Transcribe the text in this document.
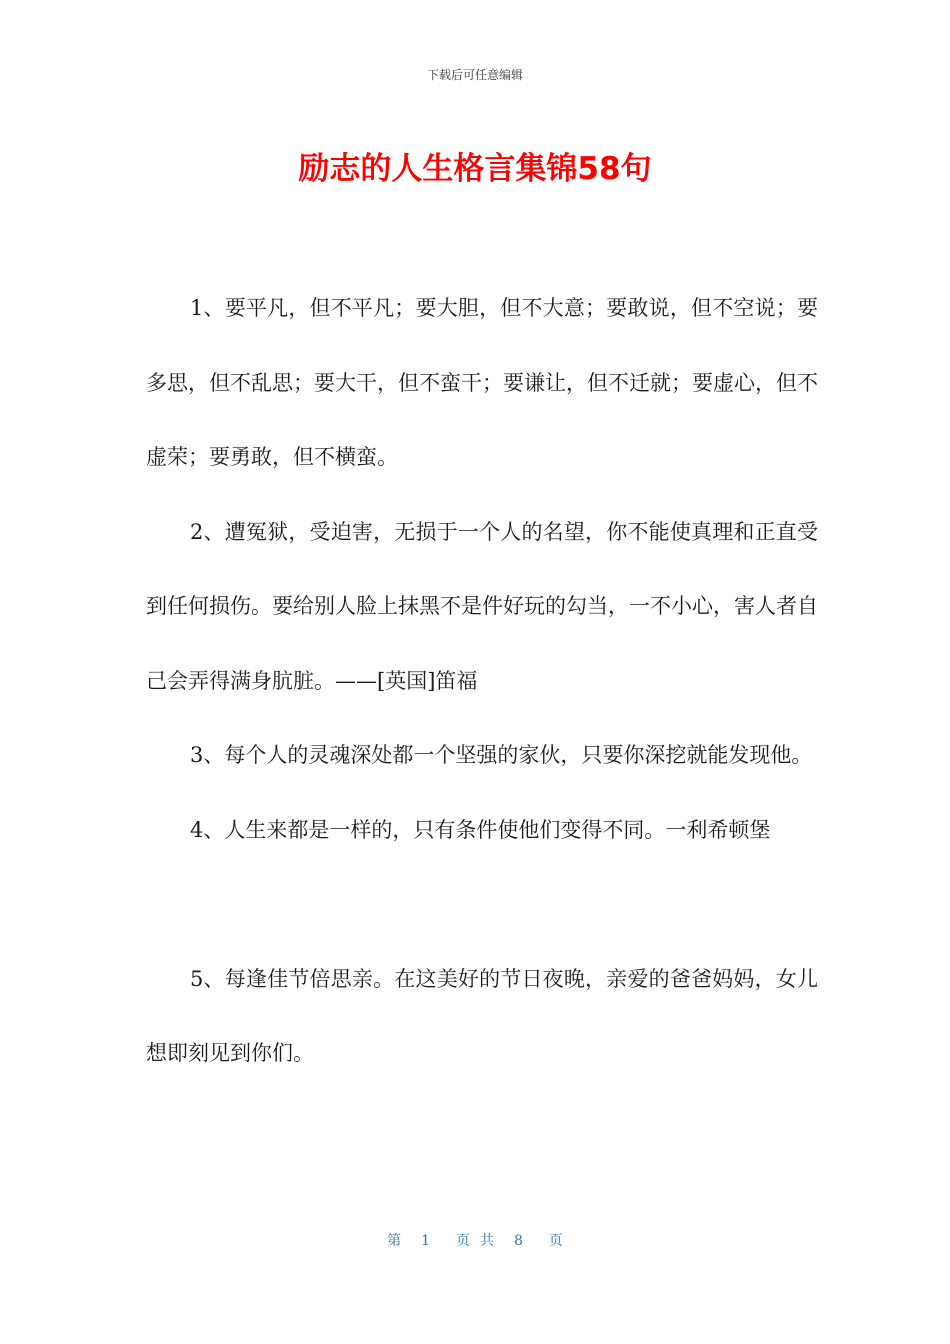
下载后可任意编辑
励志的人生格言集锦58句

1、要平凡，但不平凡；要大胆，但不大意；要敢说，但不空说；要多思，但不乱思；要大干，但不蛮干；要谦让，但不迁就；要虚心，但不虚荣；要勇敢，但不横蛮。

2、遭冤狱，受迫害，无损于一个人的名望，你不能使真理和正直受到任何损伤。要给别人脸上抹黑不是件好玩的勾当，一不小心，害人者自己会弄得满身肮脏。——[英国]笛福

3、每个人的灵魂深处都一个坚强的家伙，只要你深挖就能发现他。

4、人生来都是一样的，只有条件使他们变得不同。一利希顿堡

5、每逢佳节倍思亲。在这美好的节日夜晚，亲爱的爸爸妈妈，女儿想即刻见到你们。

第 1 页 共 8 页
